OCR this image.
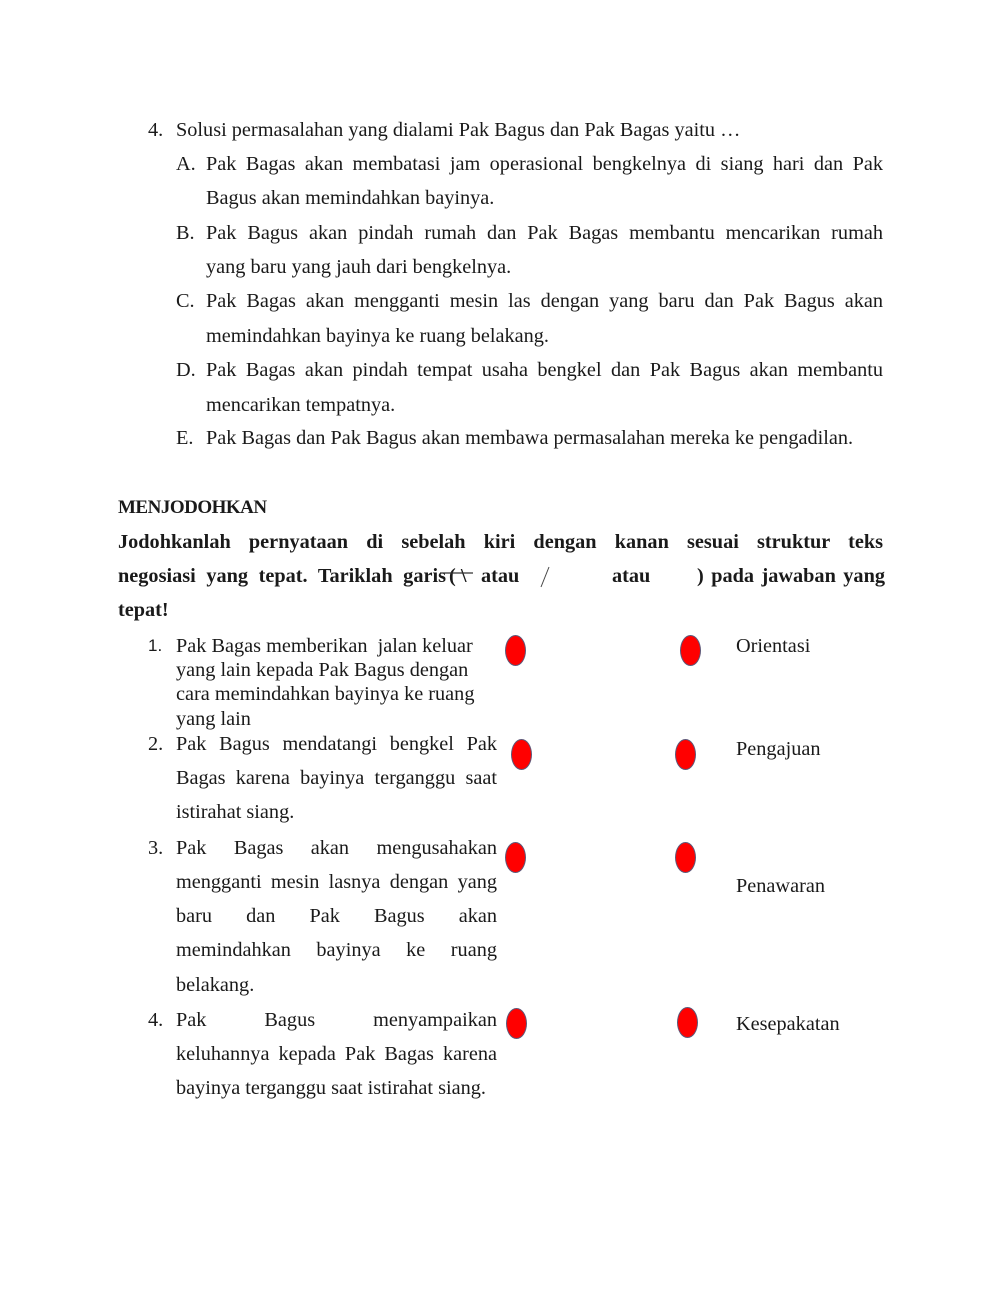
4. Solusi permasalahan yang dialami Pak Bagus dan Pak Bagas yaitu …
A. Pak Bagas akan membatasi jam operasional bengkelnya di siang hari dan Pak
Bagus akan memindahkan bayinya.
B. Pak Bagus akan pindah rumah dan Pak Bagas membantu mencarikan rumah
yang baru yang jauh dari bengkelnya.
C. Pak Bagas akan mengganti mesin las dengan yang baru dan Pak Bagus akan
memindahkan bayinya ke ruang belakang.
D. Pak Bagas akan pindah tempat usaha bengkel dan Pak Bagus akan membantu
mencarikan tempatnya.
E. Pak Bagas dan Pak Bagus akan membawa permasalahan mereka ke pengadilan.
MENJODOHKAN
Jodohkanlah pernyataan di sebelah kiri dengan kanan sesuai struktur teks
negosiasi yang tepat. Tariklah garis ( \ atau	atau ) pada jawaban yang
tepat!
1. Pak Bagas memberikan  jalan keluar
yang lain kepada Pak Bagus dengan
cara memindahkan bayinya ke ruang
yang lain
2. Pak Bagus mendatangi bengkel Pak
Bagas karena bayinya terganggu saat
istirahat siang.
3. Pak Bagas akan mengusahakan
mengganti mesin lasnya dengan yang
baru dan Pak Bagus akan
memindahkan bayinya ke ruang
belakang.
4. Pak Bagus menyampaikan
keluhannya kepada Pak Bagas karena
bayinya terganggu saat istirahat siang.
Orientasi
Pengajuan
Penawaran
Kesepakatan
